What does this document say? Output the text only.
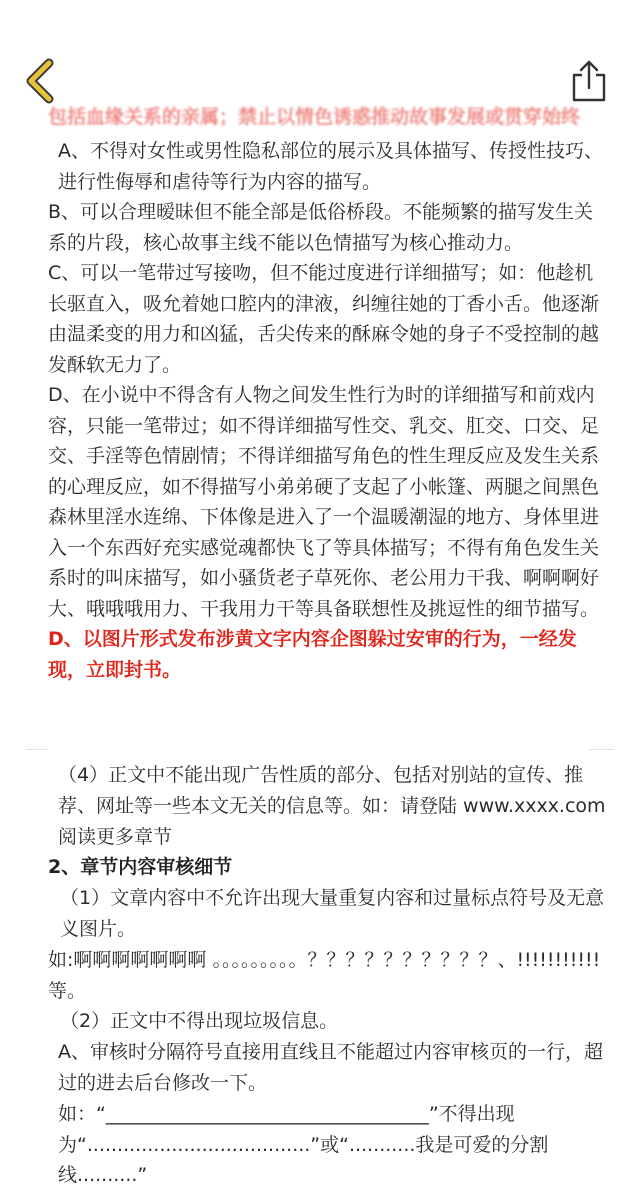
包括血缘关系的亲属；禁止以情色诱惑推动故事发展或贯穿始终

A、不得对女性或男性隐私部位的展示及具体描写、传授性技巧、进行性侮辱和虐待等行为内容的描写。

B、可以合理暧昧但不能全部是低俗桥段。不能频繁的描写发生关系的片段，核心故事主线不能以色情描写为核心推动力。

C、可以一笔带过写接吻，但不能过度进行详细描写；如：他趁机长驱直入，吸允着她口腔内的津液，纠缠往她的丁香小舌。他逐渐由温柔变的用力和凶猛，舌尖传来的酥麻令她的身子不受控制的越发酥软无力了。

D、在小说中不得含有人物之间发生性行为时的详细描写和前戏内容，只能一笔带过；如不得详细描写性交、乳交、肛交、口交、足交、手淫等色情剧情；不得详细描写角色的性生理反应及发生关系的心理反应，如不得描写小弟弟硬了支起了小帐篷、两腿之间黑色森林里淫水连绵、下体像是进入了一个温暖潮湿的地方、身体里进入一个东西好充实感觉魂都快飞了等具体描写；不得有角色发生关系时的叫床描写，如小骚货老子草死你、老公用力干我、啊啊啊好大、哦哦哦用力、干我用力干等具备联想性及挑逗性的细节描写。

D、以图片形式发布涉黄文字内容企图躲过安审的行为，一经发现，立即封书。

（4）正文中不能出现广告性质的部分、包括对别站的宣传、推荐、网址等一些本文无关的信息等。如：请登陆 www.xxxx.com 阅读更多章节

2、章节内容审核细节

（1）文章内容中不允许出现大量重复内容和过量标点符号及无意义图片。

如:啊啊啊啊啊啊啊 。。。。。。。。。？？？？？？？？？？、!!!!!!!!!!! 等。

（2）正文中不得出现垃圾信息。

A、审核时分隔符号直接用直线且不能超过内容审核页的一行，超过的进去后台修改一下。如：“__________________________________”不得出现为“.....................................”或“...........我是可爱的分割线..........”
